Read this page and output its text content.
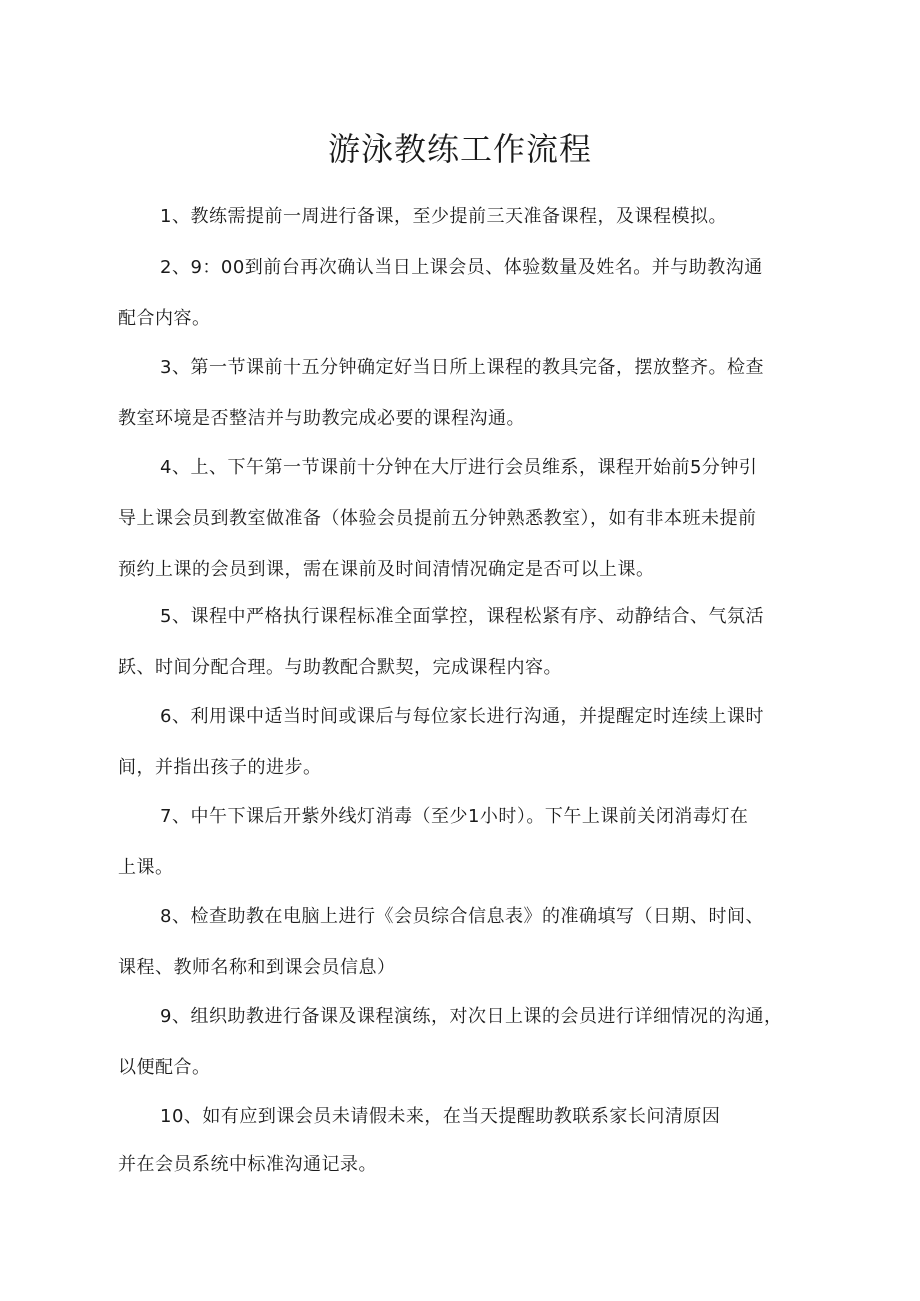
游泳教练工作流程

1、教练需提前一周进行备课，至少提前三天准备课程，及课程模拟。

2、9：00到前台再次确认当日上课会员、体验数量及姓名。并与助教沟通
配合内容。

3、第一节课前十五分钟确定好当日所上课程的教具完备，摆放整齐。检查
教室环境是否整洁并与助教完成必要的课程沟通。

4、上、下午第一节课前十分钟在大厅进行会员维系，课程开始前5分钟引
导上课会员到教室做准备（体验会员提前五分钟熟悉教室），如有非本班未提前
预约上课的会员到课，需在课前及时间清情况确定是否可以上课。

5、课程中严格执行课程标准全面掌控，课程松紧有序、动静结合、气氛活
跃、时间分配合理。与助教配合默契，完成课程内容。

6、利用课中适当时间或课后与每位家长进行沟通，并提醒定时连续上课时
间，并指出孩子的进步。

7、中午下课后开紫外线灯消毒（至少1小时）。下午上课前关闭消毒灯在
上课。

8、检查助教在电脑上进行《会员综合信息表》的准确填写（日期、时间、
课程、教师名称和到课会员信息）

9、组织助教进行备课及课程演练，对次日上课的会员进行详细情况的沟通，
以便配合。

10、如有应到课会员未请假未来，在当天提醒助教联系家长问清原因
并在会员系统中标准沟通记录。
